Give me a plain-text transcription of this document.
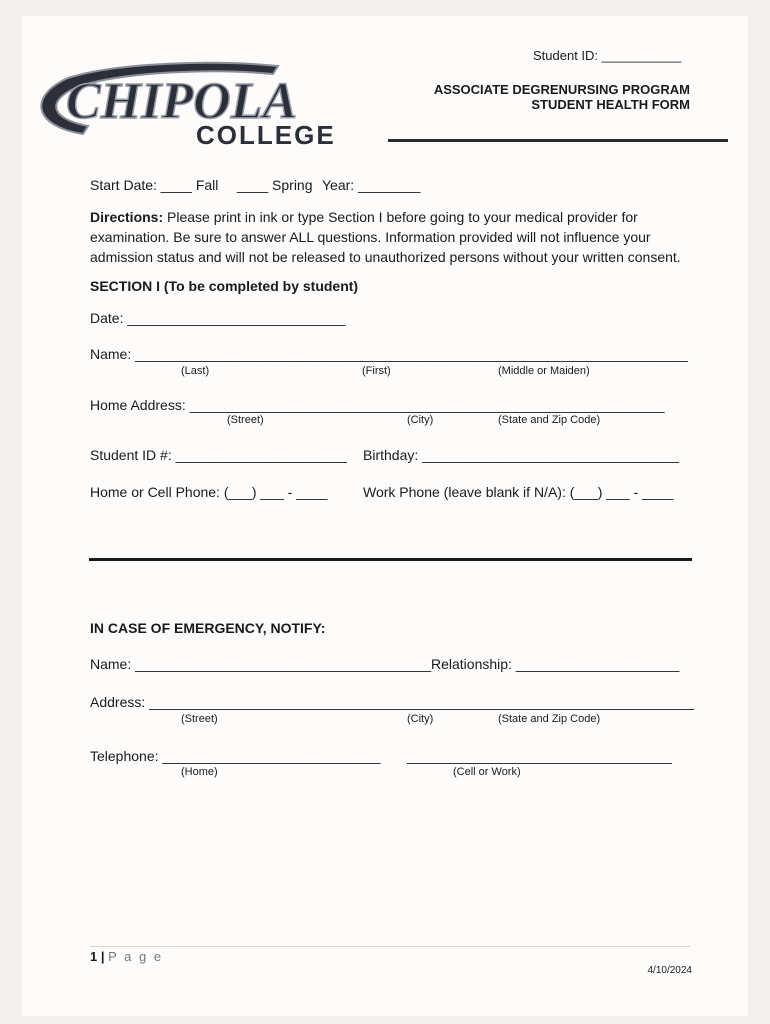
CHIPOLA
COLLEGE
Student ID: ___________
ASSOCIATE DEGRENURSING PROGRAM
STUDENT HEALTH FORM
Start Date: ____ Fall ____ Spring Year: ________
Directions: Please print in ink or type Section I before going to your medical provider for examination. Be sure to answer ALL questions. Information provided will not influence your admission status and will not be released to unauthorized persons without your written consent.
SECTION I (To be completed by student)
Date: ____________________________
Name: _______________________________________________________________________
(Last)	(First)	(Middle or Maiden)
Home Address: _____________________________________________________________
(Street)	(City)	(State and Zip Code)
Student ID #: ______________________ Birthday: _________________________________
Home or Cell Phone: (___) ___ - ____	Work Phone (leave blank if N/A): (___) ___ - ____
IN CASE OF EMERGENCY, NOTIFY:
Name: ______________________________________ Relationship: _____________________
Address: ______________________________________________________________________
(Street)	(City)	(State and Zip Code)
Telephone: ____________________________ __________________________________
(Home)	(Cell or Work)
1 | P a g e
4/10/2024
